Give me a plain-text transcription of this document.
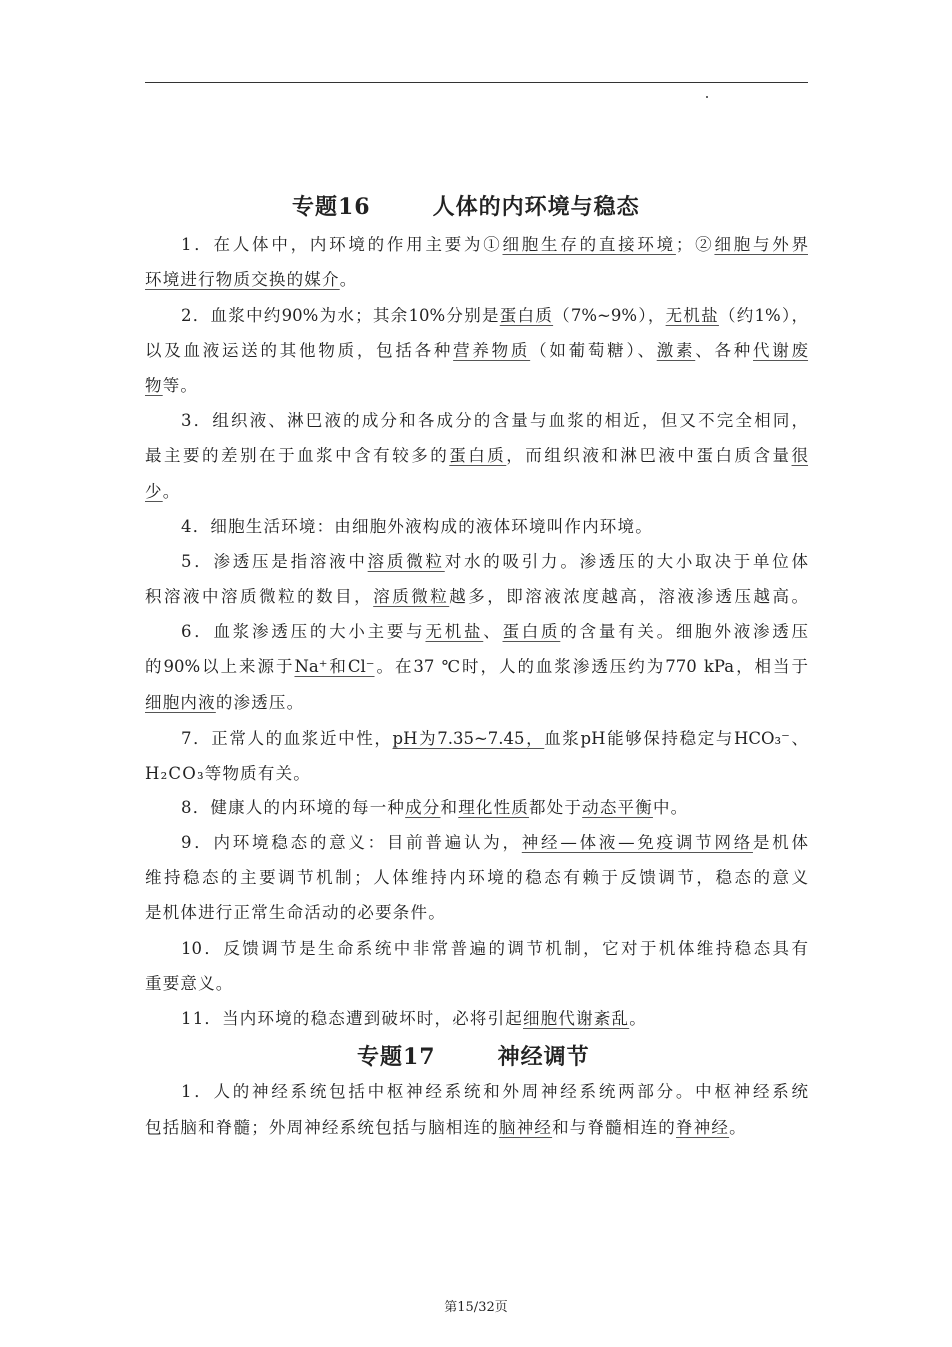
专题16	人体的内环境与稳态
专题17	神经调节
1．在人体中，内环境的作用主要为①细胞生存的直接环境；②细胞与外界
环境进行物质交换的媒介。
2．血浆中约90%为水；其余10%分别是蛋白质（7%~9%），无机盐（约1%），
以及血液运送的其他物质，包括各种营养物质（如葡萄糖）、激素、各种代谢废
物等。
3．组织液、淋巴液的成分和各成分的含量与血浆的相近，但又不完全相同，
最主要的差别在于血浆中含有较多的蛋白质，而组织液和淋巴液中蛋白质含量很
少。
4．细胞生活环境：由细胞外液构成的液体环境叫作内环境。
5．渗透压是指溶液中溶质微粒对水的吸引力。渗透压的大小取决于单位体
积溶液中溶质微粒的数目，溶质微粒越多，即溶液浓度越高，溶液渗透压越高。
6．血浆渗透压的大小主要与无机盐、蛋白质的含量有关。细胞外液渗透压
的90%以上来源于Na⁺和Cl⁻。在37 ℃时，人的血浆渗透压约为770 kPa，相当于
细胞内液的渗透压。
7．正常人的血浆近中性，pH为7.35~7.45，血浆pH能够保持稳定与HCO₃⁻、
H₂CO₃等物质有关。
8．健康人的内环境的每一种成分和理化性质都处于动态平衡中。
9．内环境稳态的意义：目前普遍认为，神经—体液—免疫调节网络是机体
维持稳态的主要调节机制；人体维持内环境的稳态有赖于反馈调节，稳态的意义
是机体进行正常生命活动的必要条件。
10．反馈调节是生命系统中非常普遍的调节机制，它对于机体维持稳态具有
重要意义。
11．当内环境的稳态遭到破坏时，必将引起细胞代谢紊乱。
1．人的神经系统包括中枢神经系统和外周神经系统两部分。中枢神经系统
包括脑和脊髓；外周神经系统包括与脑相连的脑神经和与脊髓相连的脊神经。
第15/32页
